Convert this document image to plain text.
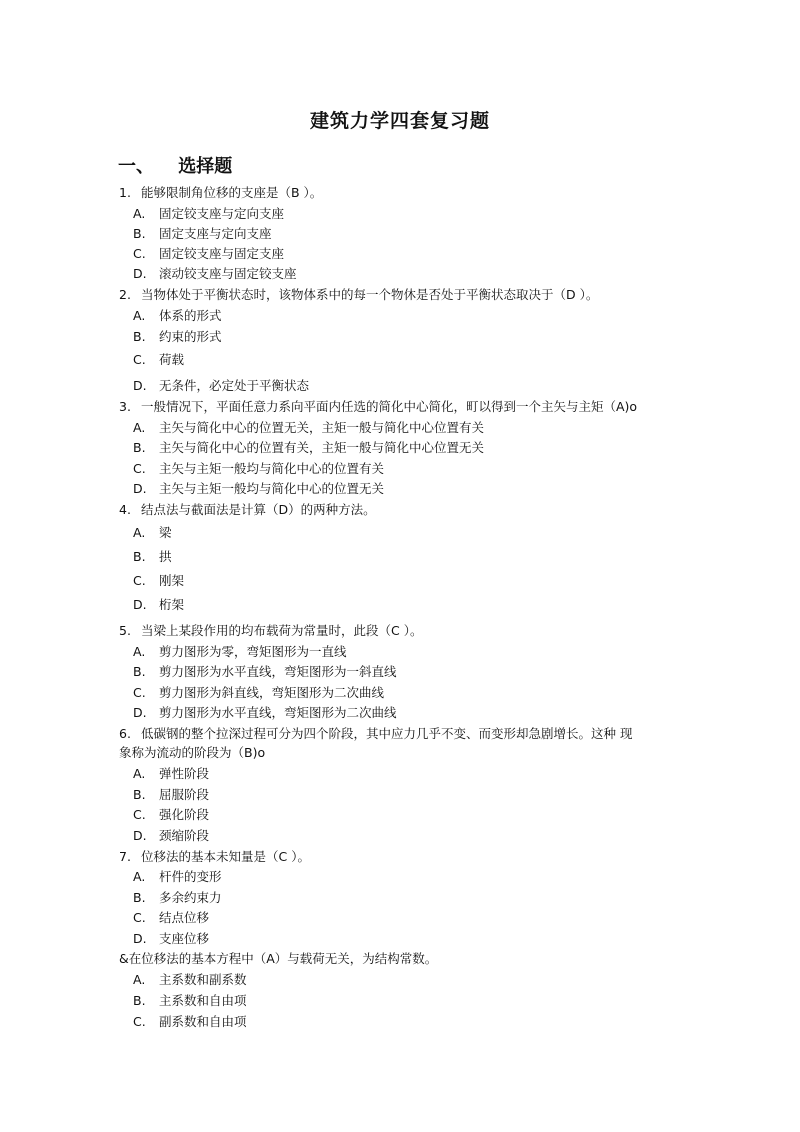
建筑力学四套复习题
一、 选择题
1. 能够限制角位移的支座是（B ）。
A. 固定铰支座与定向支座
B. 固定支座与定向支座
C. 固定铰支座与固定支座
D. 滚动铰支座与固定铰支座
2. 当物体处于平衡状态时，该物体系中的每一个物休是否处于平衡状态取决于（D ）。
A. 体系的形式
B. 约束的形式
C. 荷载
D. 无条件，必定处于平衡状态
3. 一般情况下，平面任意力系向平面内任选的简化中心简化，町以得到一个主矢与主矩（A)o
A. 主矢与简化中心的位置无关，主矩一般与简化中心位置有关
B. 主矢与简化中心的位置有关，主矩一般与简化中心位置无关
C. 主矢与主矩一般均与简化中心的位置有关
D. 主矢与主矩一般均与简化中心的位置无关
4. 结点法与截面法是计算（D）的两种方法。
A. 梁
B. 拱
C. 刚架
D. 桁架
5. 当梁上某段作用的均布载荷为常量时，此段（C ）。
A. 剪力图形为零，弯矩图形为一直线
B. 剪力图形为水平直线，弯矩图形为一斜直线
C. 剪力图形为斜直线，弯矩图形为二次曲线
D. 剪力图形为水平直线，弯矩图形为二次曲线
6. 低碳钢的整个拉深过程可分为四个阶段，其中应力几乎不变、而变形却急剧增长。这种 现
象称为流动的阶段为（B)o
A. 弹性阶段
B. 屈服阶段
C. 强化阶段
D. 颈缩阶段
7. 位移法的基本未知量是（C ）。
A. 杆件的变形
B. 多余约束力
C. 结点位移
D. 支座位移
&在位移法的基本方程中（A）与载荷无关，为结构常数。
A. 主系数和副系数
B. 主系数和自由项
C. 副系数和自由项
